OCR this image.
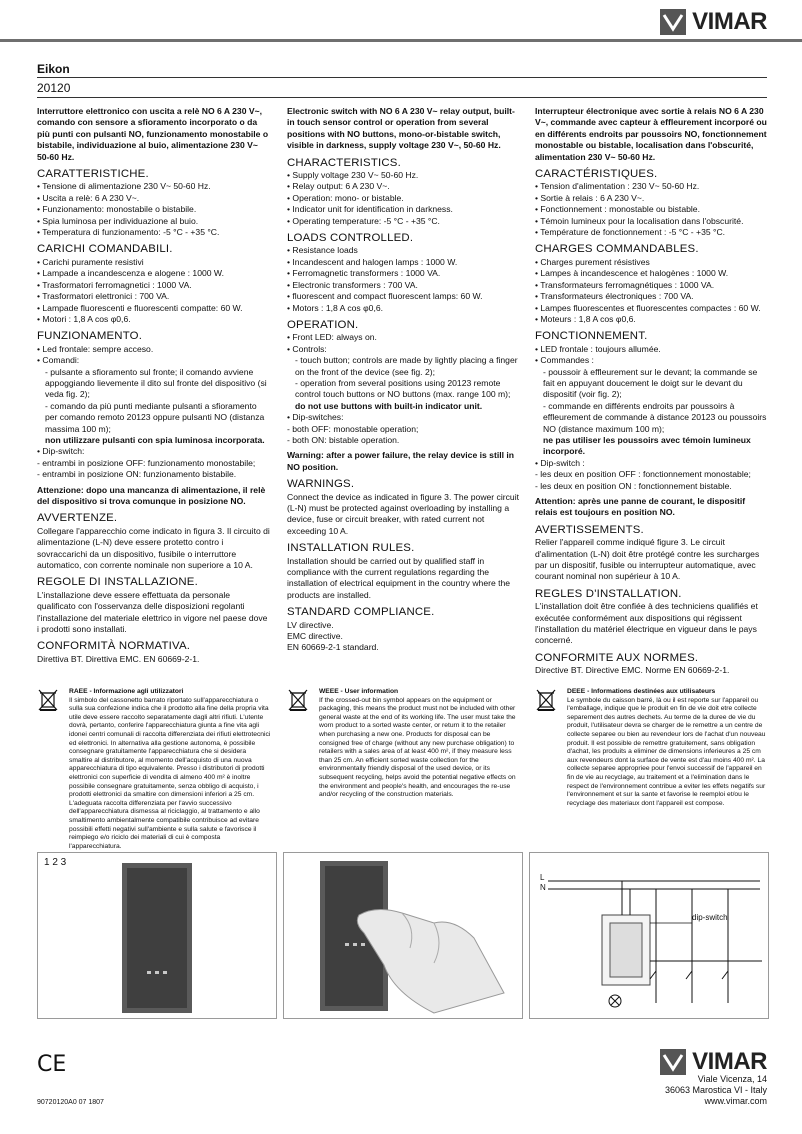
VIMAR
Eikon
20120

Interruttore elettronico con uscita a relè NO 6 A 230 V~, comando con sensore a sfioramento incorporato o da più punti con pulsanti NO, funzionamento monostabile o bistabile, individuazione al buio, alimentazione 230 V~ 50-60 Hz.

CARATTERISTICHE.

• Tensione di alimentazione 230 V~ 50-60 Hz.

• Uscita a relè: 6 A 230 V~.

• Funzionamento: monostabile o bistabile.

• Spia luminosa per individuazione al buio.

• Temperatura di funzionamento: -5 °C - +35 °C.

CARICHI COMANDABILI.

• Carichi puramente resistivi

• Lampade a incandescenza e alogene : 1000 W.

• Trasformatori ferromagnetici : 1000 VA.

• Trasformatori elettronici : 700 VA.

• Lampade fluorescenti e fluorescenti compatte: 60 W.

• Motori : 1,8 A cos φ0,6.

FUNZIONAMENTO.

• Led frontale: sempre acceso.

• Comandi:

- pulsante a sfioramento sul fronte; il comando avviene appoggiando lievemente il dito sul fronte del dispositivo (si veda fig. 2);

- comando da più punti mediante pulsanti a sfioramento per comando remoto 20123 oppure pulsanti NO (distanza massima 100 m);

non utilizzare pulsanti con spia luminosa incorporata.

• Dip-switch:

- entrambi in posizione OFF: funzionamento monostabile;

- entrambi in posizione ON: funzionamento bistabile.

Attenzione: dopo una mancanza di alimentazione, il relè del dispositivo si trova comunque in posizione NO.

AVVERTENZE.

Collegare l'apparecchio come indicato in figura 3. Il circuito di alimentazione (L-N) deve essere protetto contro i sovraccarichi da un dispositivo, fusibile o interruttore automatico, con corrente nominale non superiore a 10 A.

REGOLE DI INSTALLAZIONE.

L'installazione deve essere effettuata da personale qualificato con l'osservanza delle disposizioni regolanti l'installazione del materiale elettrico in vigore nel paese dove i prodotti sono installati.

CONFORMITÀ NORMATIVA.

Direttiva BT. Direttiva EMC. EN 60669-2-1.

Electronic switch with NO 6 A 230 V~ relay output, built-in touch sensor control or operation from several positions with NO buttons, mono-or-bistable switch, visible in darkness, supply voltage 230 V~, 50-60 Hz.

CHARACTERISTICS.

• Supply voltage 230 V~ 50-60 Hz.

• Relay output: 6 A 230 V~.

• Operation: mono- or bistable.

• Indicator unit for identification in darkness.

• Operating temperature: -5 °C - +35 °C.

LOADS CONTROLLED.

• Resistance loads

• Incandescent and halogen lamps : 1000 W.

• Ferromagnetic transformers : 1000 VA.

• Electronic transformers : 700 VA.

• fluorescent and compact fluorescent lamps: 60 W.

• Motors : 1,8 A cos φ0,6.

OPERATION.

• Front LED: always on.

• Controls:

- touch button; controls are made by lightly placing a finger on the front of the device (see fig. 2);

- operation from several positions using 20123 remote control touch buttons or NO buttons (max. range 100 m);

do not use buttons with built-in indicator unit.

• Dip-switches:

- both OFF: monostable operation;

- both ON: bistable operation.

Warning: after a power failure, the relay device is still in NO position.

WARNINGS.

Connect the device as indicated in figure 3. The power circuit (L-N) must be protected against overloading by installing a device, fuse or circuit breaker, with rated current not exceeding 10 A.

INSTALLATION RULES.

Installation should be carried out by qualified staff in compliance with the current regulations regarding the installation of electrical equipment in the country where the products are installed.

STANDARD COMPLIANCE.

LV directive.

EMC directive.

EN 60669-2-1 standard.

Interrupteur électronique avec sortie à relais NO 6 A 230 V~, commande avec capteur à effleurement incorporé ou en différents endroits par poussoirs NO, fonctionnement monostable ou bistable, localisation dans l'obscurité, alimentation 230 V~ 50-60 Hz.

CARACTÉRISTIQUES.

• Tension d'alimentation : 230 V~ 50-60 Hz.

• Sortie à relais : 6 A 230 V~.

• Fonctionnement : monostable ou bistable.

• Témoin lumineux pour la localisation dans l'obscurité.

• Température de fonctionnement : -5 °C - +35 °C.

CHARGES COMMANDABLES.

• Charges purement résistives

• Lampes à incandescence et halogènes : 1000 W.

• Transformateurs ferromagnétiques : 1000 VA.

• Transformateurs électroniques : 700 VA.

• Lampes fluorescentes et fluorescentes compactes : 60 W.

• Moteurs : 1,8 A cos φ0,6.

FONCTIONNEMENT.

• LED frontale : toujours allumée.

• Commandes :

- poussoir à effleurement sur le devant; la commande se fait en appuyant doucement le doigt sur le devant du dispositif (voir fig. 2);

- commande en différents endroits par poussoirs à effleurement de commande à distance 20123 ou poussoirs NO (distance maximum 100 m);

ne pas utiliser les poussoirs avec témoin lumineux incorporé.

• Dip-switch :

- les deux en position OFF : fonctionnement monostable;

- les deux en position ON : fonctionnement bistable.

Attention: après une panne de courant, le dispositif relais est toujours en position NO.

AVERTISSEMENTS.

Relier l'appareil comme indiqué figure 3. Le circuit d'alimentation (L-N) doit être protégé contre les surcharges par un dispositif, fusible ou interrupteur automatique, avec courant nominal non supérieur à 10 A.

REGLES D'INSTALLATION.

L'installation doit être confiée à des techniciens qualifiés et exécutée conformément aux dispositions qui régissent l'installation du matériel électrique en vigueur dans le pays concerné.

CONFORMITE AUX NORMES.

Directive BT. Directive EMC. Norme EN 60669-2-1.

RAEE - Informazione agli utilizzatori
Il simbolo del cassonetto barrato riportato sull'apparecchiatura o sulla sua confezione indica che il prodotto alla fine della propria vita utile deve essere raccolto separatamente dagli altri rifiuti. L'utente dovrà, pertanto, conferire l'apparecchiatura giunta a fine vita agli idonei centri comunali di raccolta differenziata dei rifiuti elettrotecnici ed elettronici. In alternativa alla gestione autonoma, è possibile consegnare gratuitamente l'apparecchiatura che si desidera smaltire al distributore, al momento dell'acquisto di una nuova apparecchiatura di tipo equivalente. Presso i distributori di prodotti elettronici con superficie di vendita di almeno 400 m² è inoltre possibile consegnare gratuitamente, senza obbligo di acquisto, i prodotti elettronici da smaltire con dimensioni inferiori a 25 cm. L'adeguata raccolta differenziata per l'avvio successivo dell'apparecchiatura dismessa al riciclaggio, al trattamento e allo smaltimento ambientalmente compatibile contribuisce ad evitare possibili effetti negativi sull'ambiente e sulla salute e favorisce il reimpiego e/o riciclo dei materiali di cui è composta l'apparecchiatura.
WEEE - User information
If the crossed-out bin symbol appears on the equipment or packaging, this means the product must not be included with other general waste at the end of its working life. The user must take the worn product to a sorted waste center, or return it to the retailer when purchasing a new one. Products for disposal can be consigned free of charge (without any new purchase obligation) to retailers with a sales area of at least 400 m², if they measure less than 25 cm. An efficient sorted waste collection for the environmentally friendly disposal of the used device, or its subsequent recycling, helps avoid the potential negative effects on the environment and people's health, and encourages the re-use and/or recycling of the construction materials.
DEEE - Informations destinées aux utilisateurs
Le symbole du caisson barré, là ou il est reporte sur l'appareil ou l'emballage, indique que le produit en fin de vie doit etre collecte separement des autres dechets. Au terme de la duree de vie du produit, l'utilisateur devra se charger de le remettre a un centre de collecte separee ou bien au revendeur lors de l'achat d'un nouveau produit. Il est possible de remettre gratuitement, sans obligation d'achat, les produits a eliminer de dimensions inferieures a 25 cm aux revendeurs dont la surface de vente est d'au moins 400 m². La collecte separee appropriee pour l'envoi successif de l'appareil en fin de vie au recyclage, au traitement et a l'elimination dans le respect de l'environnement contribue a eviter les effets negatifs sur l'environnement et sur la sante et favorise le reemploi et/ou le recyclage des materiaux dont l'appareil est compose.
1 2 3
L
N
dip-switch
CE	VIMAR
Viale Vicenza, 14
36063 Marostica VI - Italy
www.vimar.com
90720120A0 07 1807
